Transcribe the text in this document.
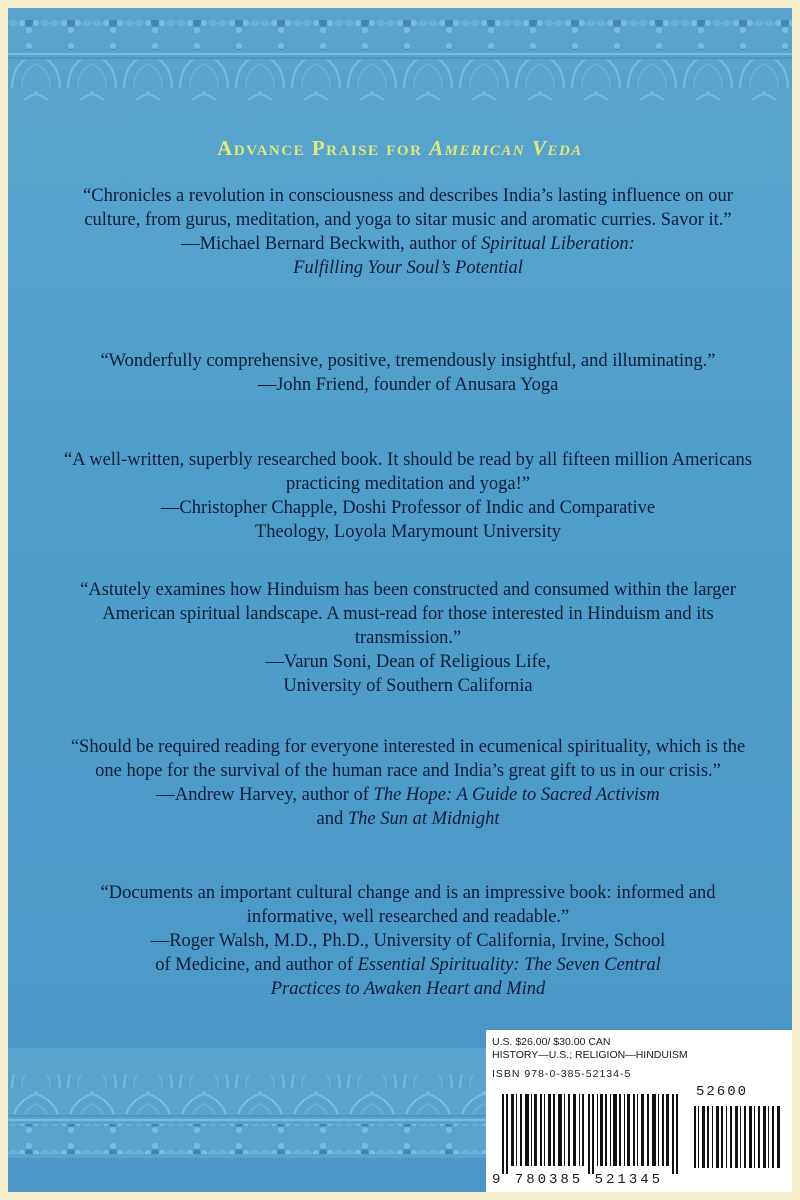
Advance Praise for American Veda

“Chronicles a revolution in consciousness and describes India’s lasting influence on our culture, from gurus, meditation, and yoga to sitar music and aromatic curries. Savor it.”

—Michael Bernard Beckwith, author of Spiritual Liberation:

Fulfilling Your Soul’s Potential

“Wonderfully comprehensive, positive, tremendously insightful, and illuminating.”

—John Friend, founder of Anusara Yoga

“A well-written, superbly researched book. It should be read by all fifteen million Americans practicing meditation and yoga!”

—Christopher Chapple, Doshi Professor of Indic and Comparative

Theology, Loyola Marymount University

“Astutely examines how Hinduism has been constructed and consumed within the larger American spiritual landscape. A must-read for those interested in Hinduism and its transmission.”

—Varun Soni, Dean of Religious Life,

University of Southern California

“Should be required reading for everyone interested in ecumenical spirituality, which is the one hope for the survival of the human race and India’s great gift to us in our crisis.”

—Andrew Harvey, author of The Hope: A Guide to Sacred Activism

and The Sun at Midnight

“Documents an important cultural change and is an impressive book: informed and informative, well researched and readable.”

—Roger Walsh, M.D., Ph.D., University of California, Irvine, School

of Medicine, and author of Essential Spirituality: The Seven Central

Practices to Awaken Heart and Mind

U.S. $26.00/ $30.00 CAN
HISTORY—U.S.; RELIGION—HINDUISM
ISBN 978-0-385-52134-5
52600
9 780385 521345
